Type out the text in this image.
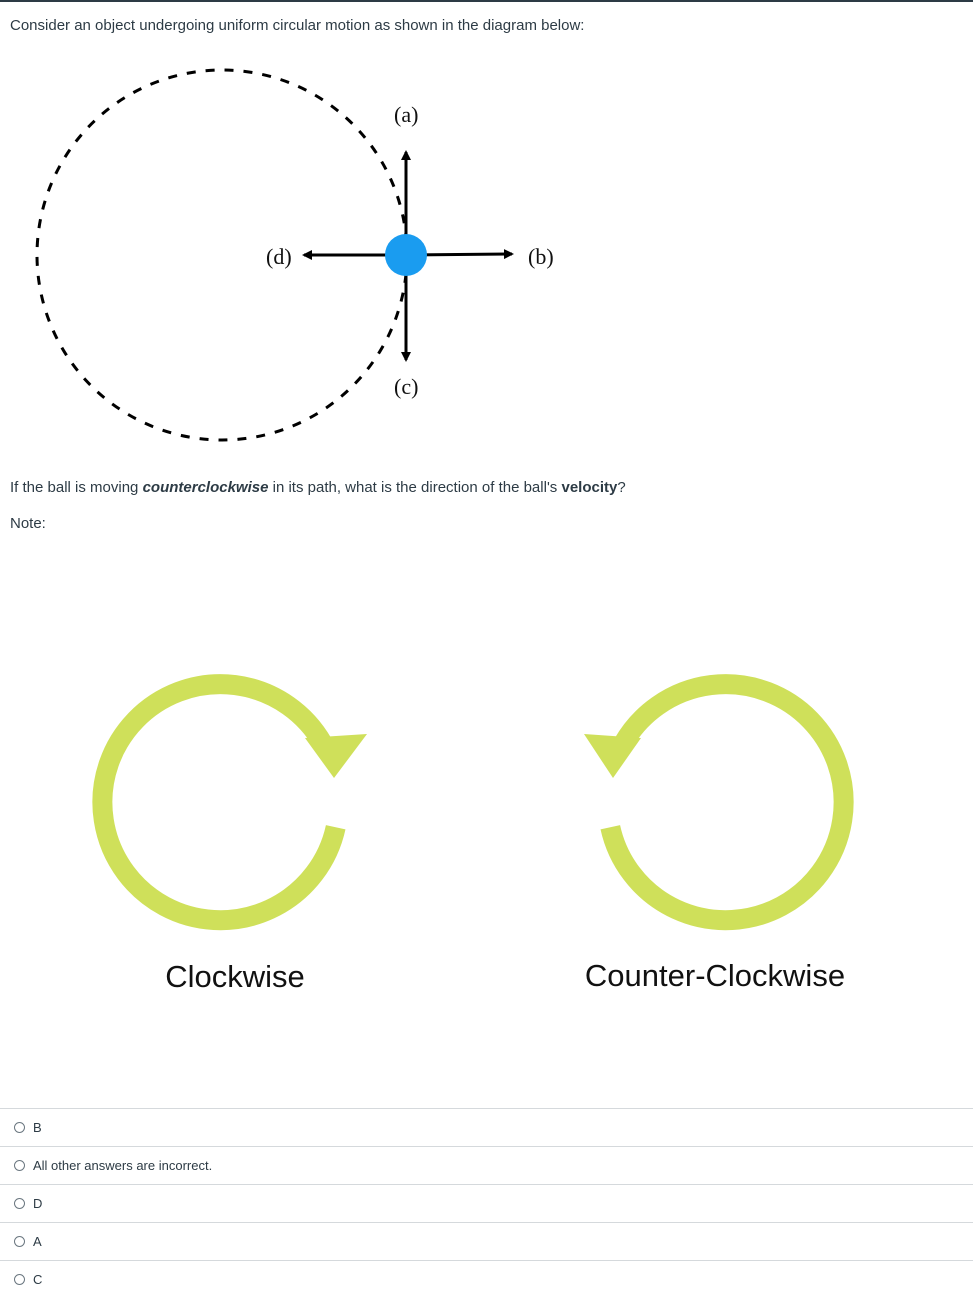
Consider an object undergoing uniform circular motion as shown in the diagram below:
(a)
(b)
(c)
(d)
If the ball is moving counterclockwise in its path, what is the direction of the ball's velocity?
Note:
Clockwise	Counter-Clockwise
B
All other answers are incorrect.
D
A
C
